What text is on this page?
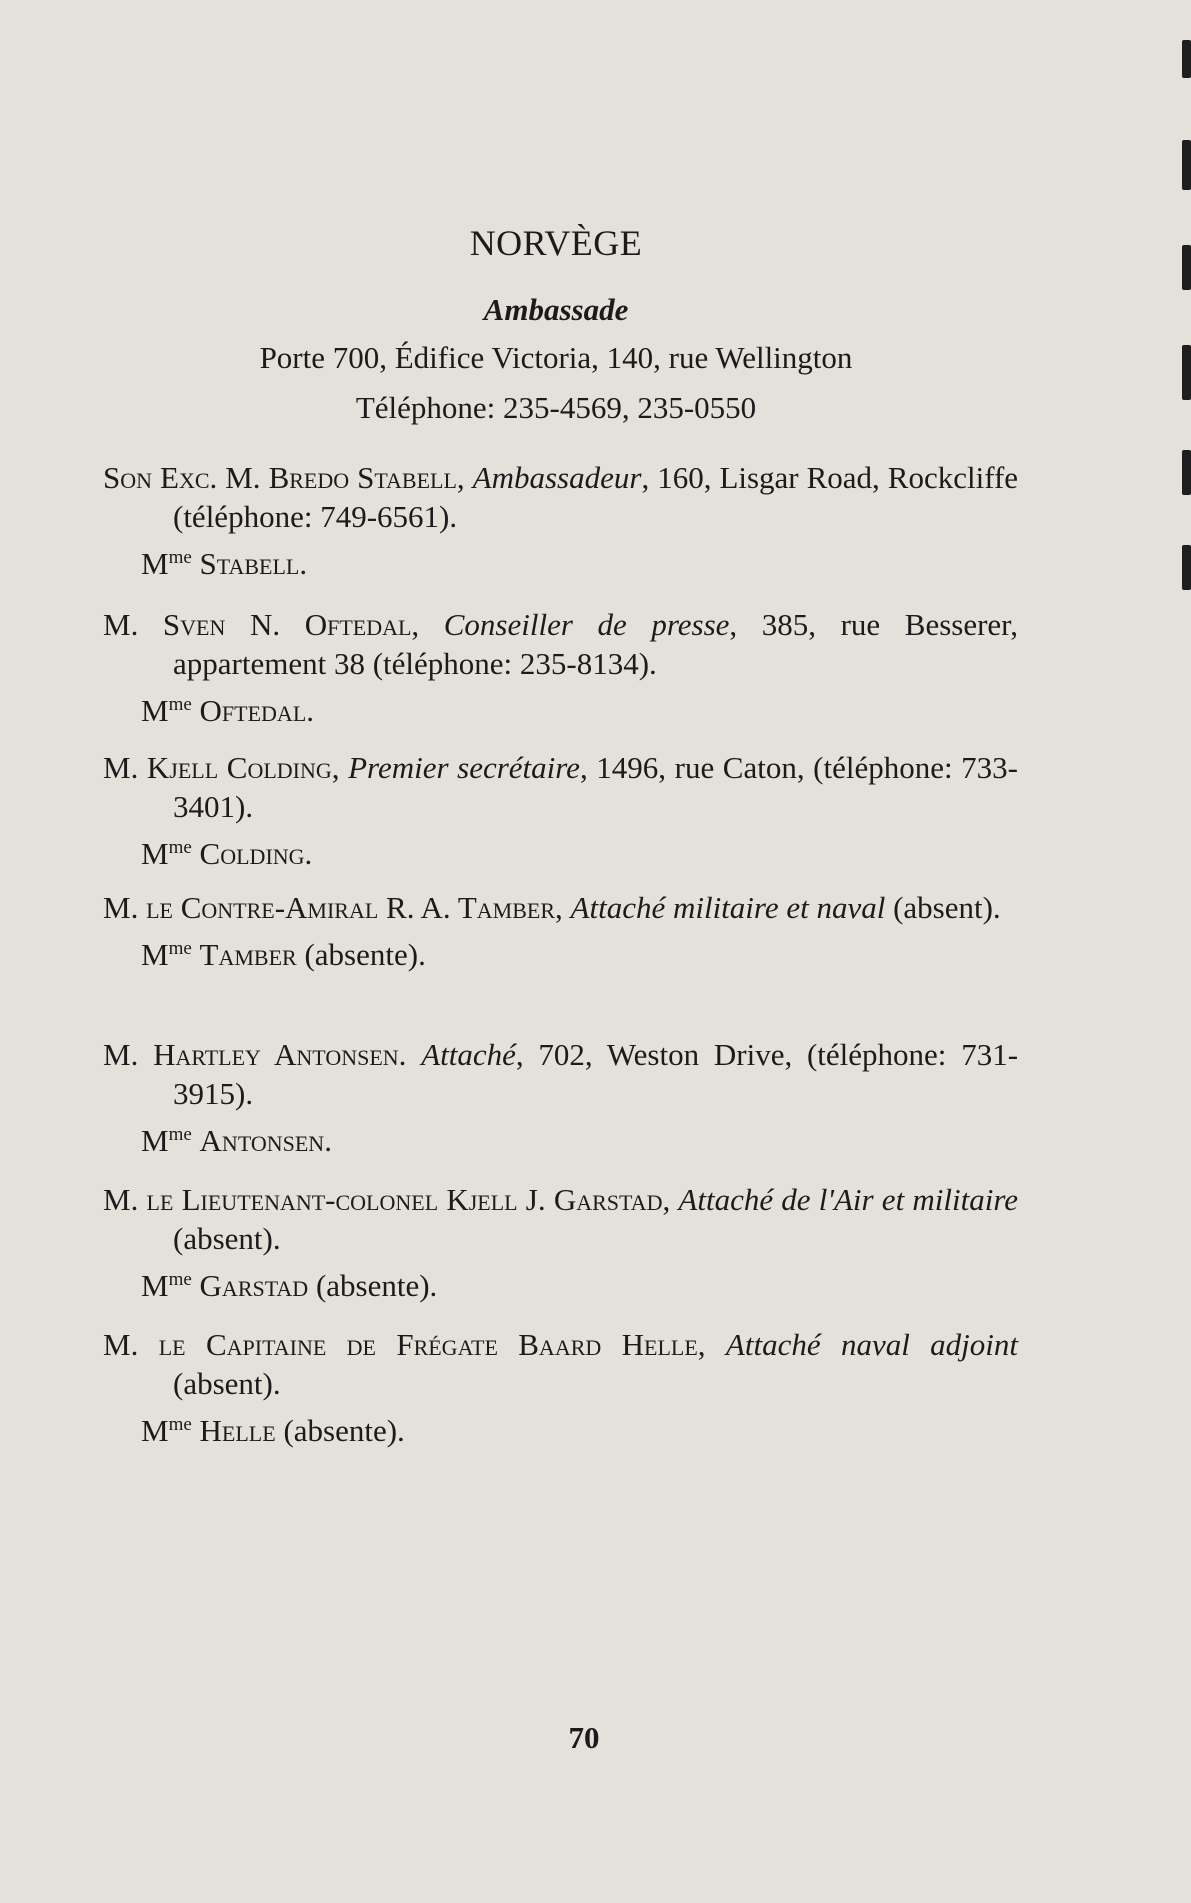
NORVÈGE
Ambassade
Porte 700, Édifice Victoria, 140, rue Wellington
Téléphone: 235-4569, 235-0550
Son Exc. M. Bredo Stabell, Ambassadeur, 160, Lisgar Road, Rockcliffe (téléphone: 749-6561).
$M^{me}$ Stabell.
M. Sven N. Oftedal, Conseiller de presse, 385, rue Besserer, appartement 38 (téléphone: 235-8134).
$M^{me}$ Oftedal.
M. Kjell Colding, Premier secrétaire, 1496, rue Caton, (téléphone: 733-3401).
$M^{me}$ Colding.
M. le Contre-Amiral R. A. Tamber, Attaché militaire et naval (absent).
$M^{me}$ Tamber (absente).
M. Hartley Antonsen. Attaché, 702, Weston Drive, (téléphone: 731-3915).
$M^{me}$ Antonsen.
M. le Lieutenant-colonel Kjell J. Garstad, Attaché de l'Air et militaire (absent).
$M^{me}$ Garstad (absente).
M. le Capitaine de Frégate Baard Helle, Attaché naval adjoint (absent).
$M^{me}$ Helle (absente).
70
